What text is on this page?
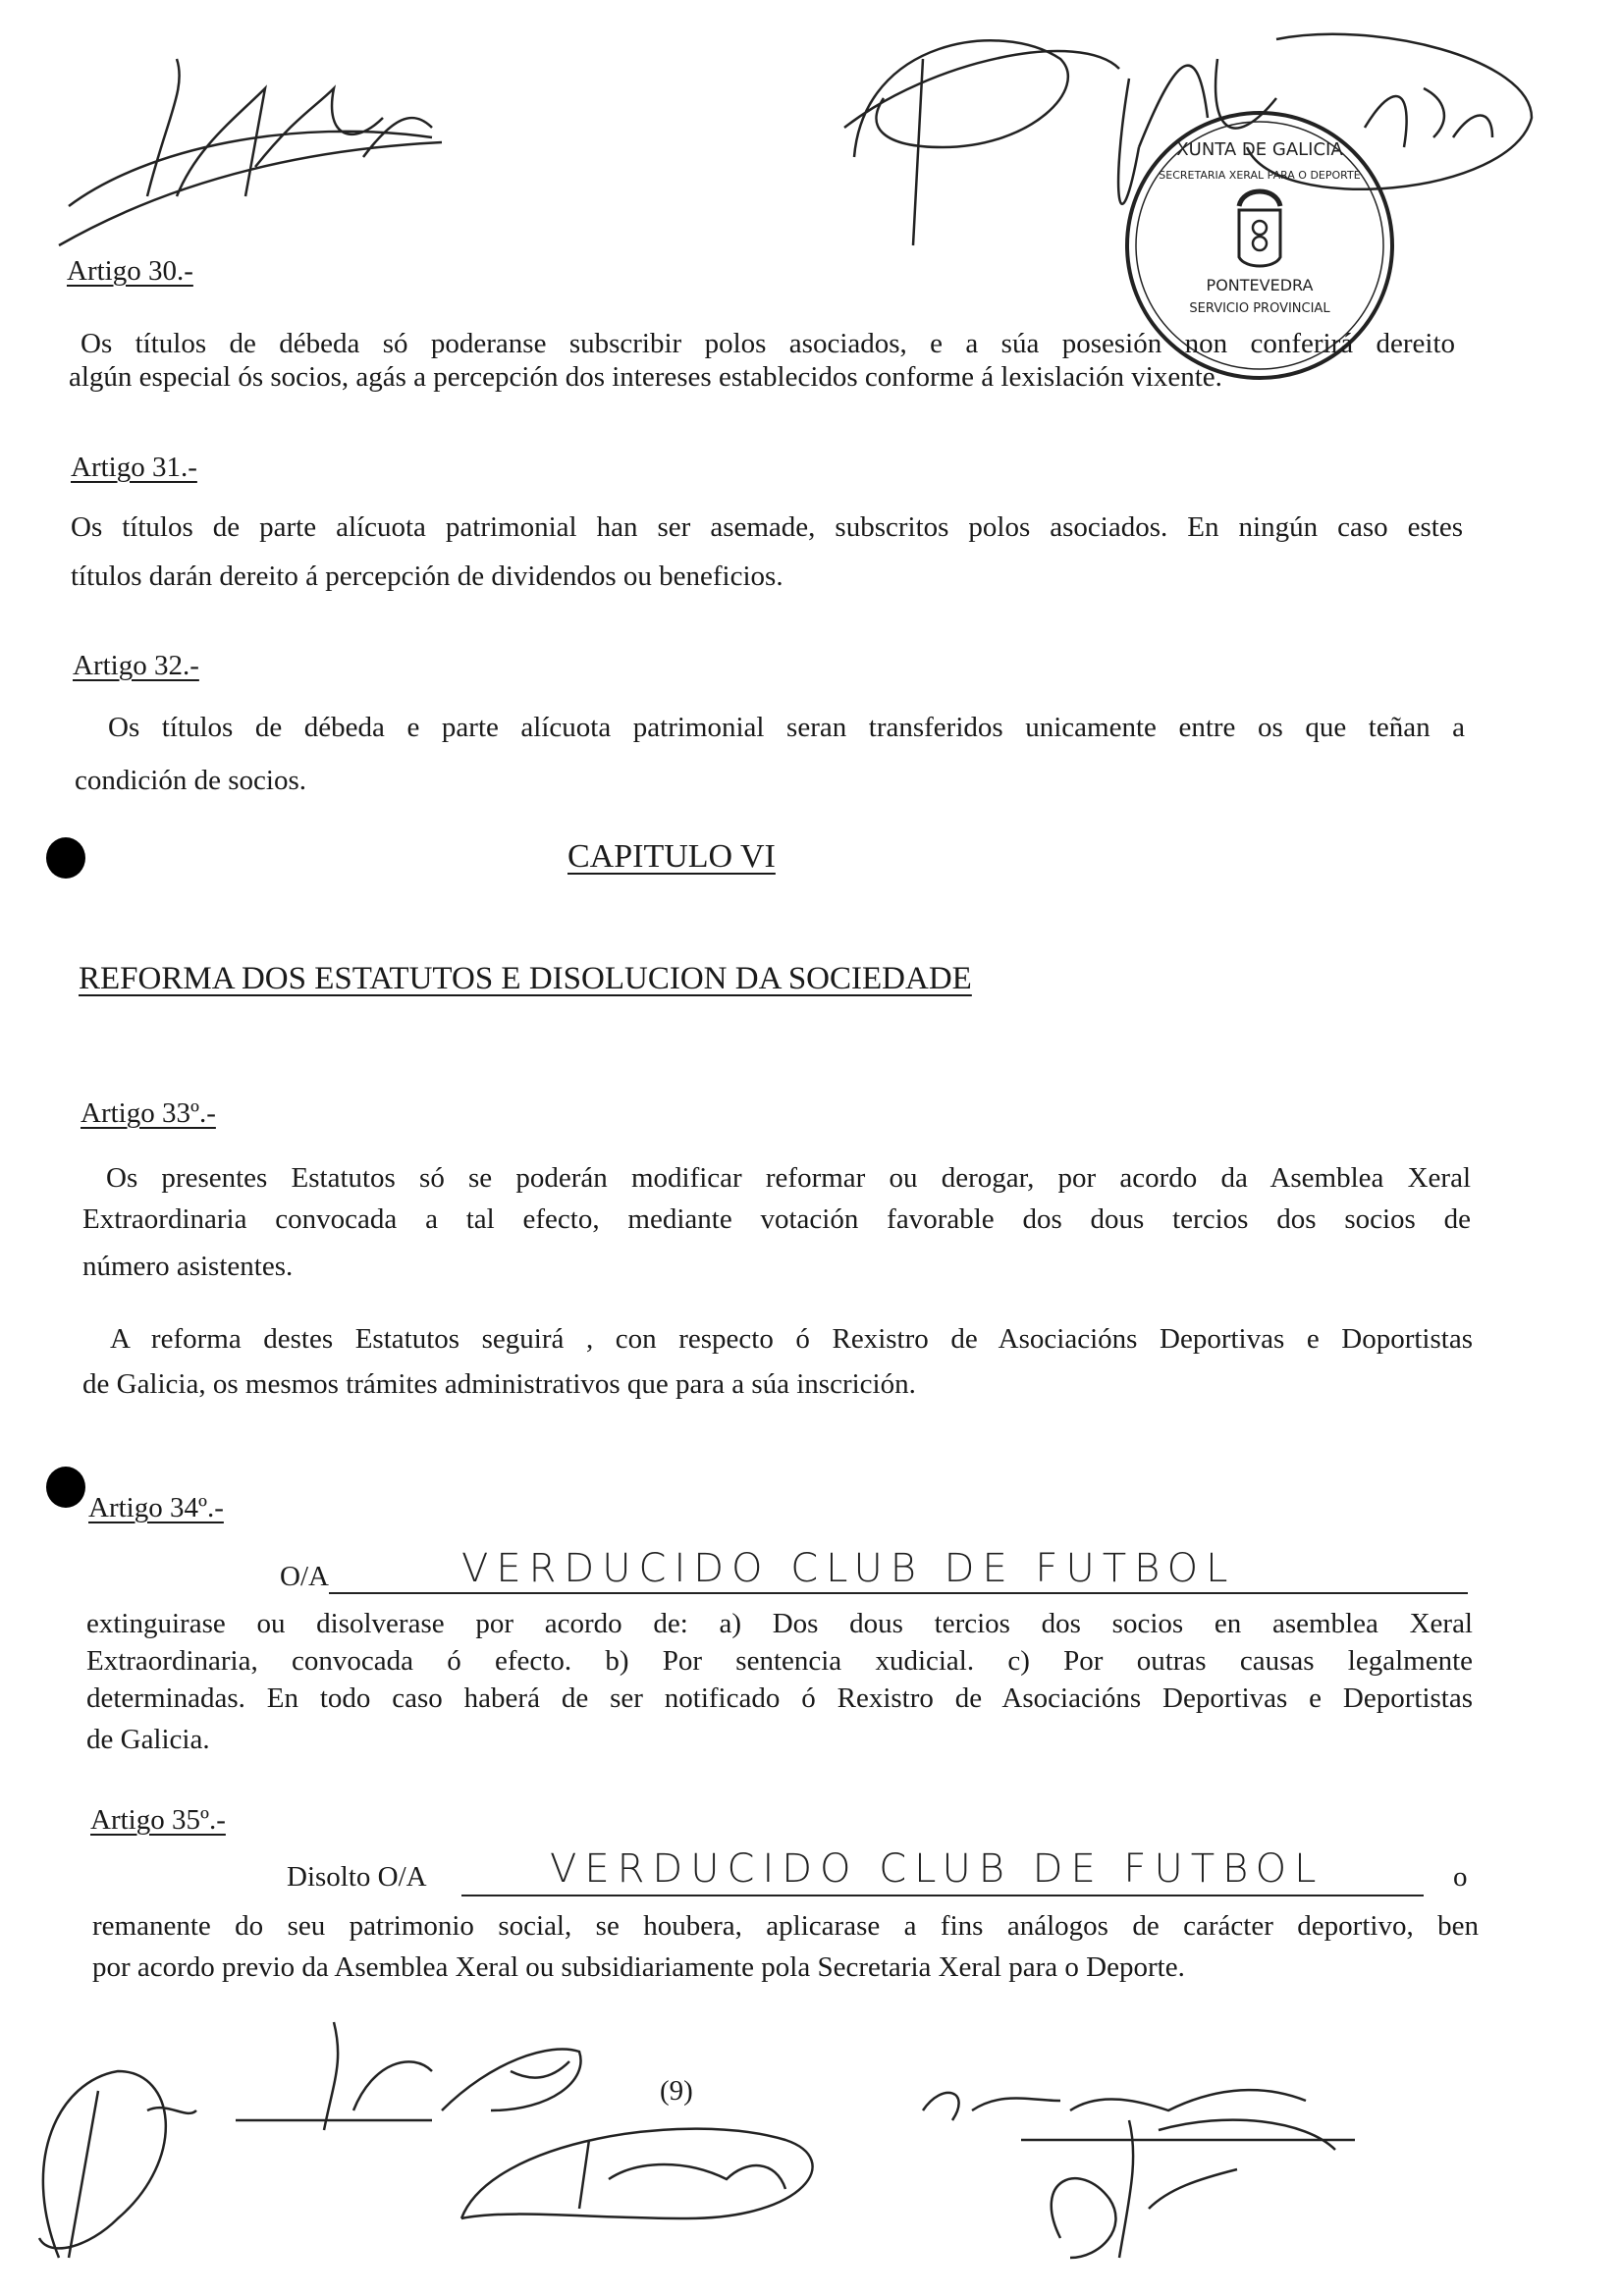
XUNTA DE GALICIA
SECRETARIA XERAL PARA O DEPORTE
PONTEVEDRA
SERVICIO PROVINCIAL
Artigo 30.-
Os títulos de débeda só poderanse subscribir polos asociados, e a súa posesión non conferirá dereito
algún especial ós socios, agás a percepción dos intereses establecidos conforme á lexislación vixente.
Artigo 31.-
Os títulos de parte alícuota patrimonial han ser asemade, subscritos polos asociados. En ningún caso estes
títulos darán dereito á percepción de dividendos ou beneficios.
Artigo 32.-
Os títulos de débeda e parte alícuota patrimonial seran transferidos unicamente entre os que teñan a
condición de socios.
CAPITULO VI
REFORMA DOS ESTATUTOS E DISOLUCION DA SOCIEDADE
Artigo 33º.-
Os presentes Estatutos só se poderán modificar reformar ou derogar, por acordo da Asemblea Xeral
Extraordinaria convocada a tal efecto, mediante votación favorable dos dous tercios dos socios de
número asistentes.
A reforma destes Estatutos seguirá , con respecto ó Rexistro de Asociacións Deportivas e Doportistas
de Galicia, os mesmos trámites administrativos que para a súa inscrición.
Artigo 34º.-
O/A	VERDUCIDO CLUB DE FUTBOL
extinguirase ou disolverase por acordo de: a) Dos dous tercios dos socios en asemblea Xeral
Extraordinaria, convocada ó efecto. b) Por sentencia xudicial. c) Por outras causas legalmente
determinadas. En todo caso haberá de ser notificado ó Rexistro de Asociacións Deportivas e Deportistas
de Galicia.
Artigo 35º.-
Disolto O/A	VERDUCIDO CLUB DE FUTBOL	o
remanente do seu patrimonio social, se houbera, aplicarase a fins análogos de carácter deportivo, ben
por acordo previo da Asemblea Xeral ou subsidiariamente pola Secretaria Xeral para o Deporte.
(9)
